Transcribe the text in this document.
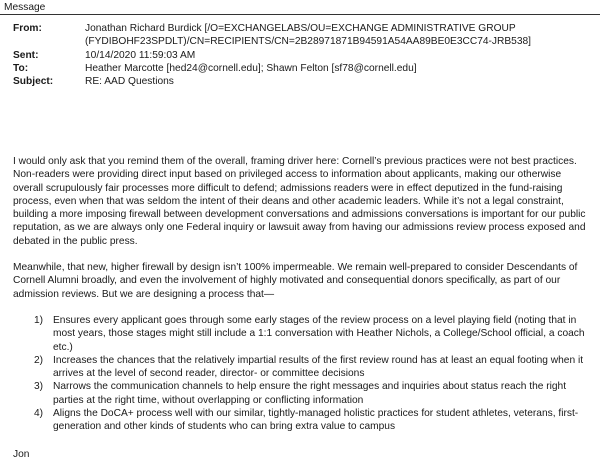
Message
From:	Jonathan Richard Burdick [/O=EXCHANGELABS/OU=EXCHANGE ADMINISTRATIVE GROUP
(FYDIBOHF23SPDLT)/CN=RECIPIENTS/CN=2B28971871B94591A54AA89BE0E3CC74-JRB538]
Sent:	10/14/2020 11:59:03 AM
To:	Heather Marcotte [hed24@cornell.edu]; Shawn Felton [sf78@cornell.edu]
Subject:	RE: AAD Questions

I would only ask that you remind them of the overall, framing driver here: Cornell’s previous practices were not best practices. Non-readers were providing direct input based on privileged access to information about applicants, making our otherwise overall scrupulously fair processes more difficult to defend; admissions readers were in effect deputized in the fund-raising process, even when that was seldom the intent of their deans and other academic leaders. While it’s not a legal constraint, building a more imposing firewall between development conversations and admissions conversations is important for our public reputation, as we are always only one Federal inquiry or lawsuit away from having our admissions review process exposed and debated in the public press.

Meanwhile, that new, higher firewall by design isn’t 100% impermeable. We remain well-prepared to consider Descendants of Cornell Alumni broadly, and even the involvement of highly motivated and consequential donors specifically, as part of our admission reviews. But we are designing a process that—

1) Ensures every applicant goes through some early stages of the review process on a level playing field (noting that in most years, those stages might still include a 1:1 conversation with Heather Nichols, a College/School official, a coach etc.)
2) Increases the chances that the relatively impartial results of the first review round has at least an equal footing when it arrives at the level of second reader, director- or committee decisions
3) Narrows the communication channels to help ensure the right messages and inquiries about status reach the right parties at the right time, without overlapping or conflicting information
4) Aligns the DoCA+ process well with our similar, tightly-managed holistic practices for student athletes, veterans, first-generation and other kinds of students who can bring extra value to campus
Jon
